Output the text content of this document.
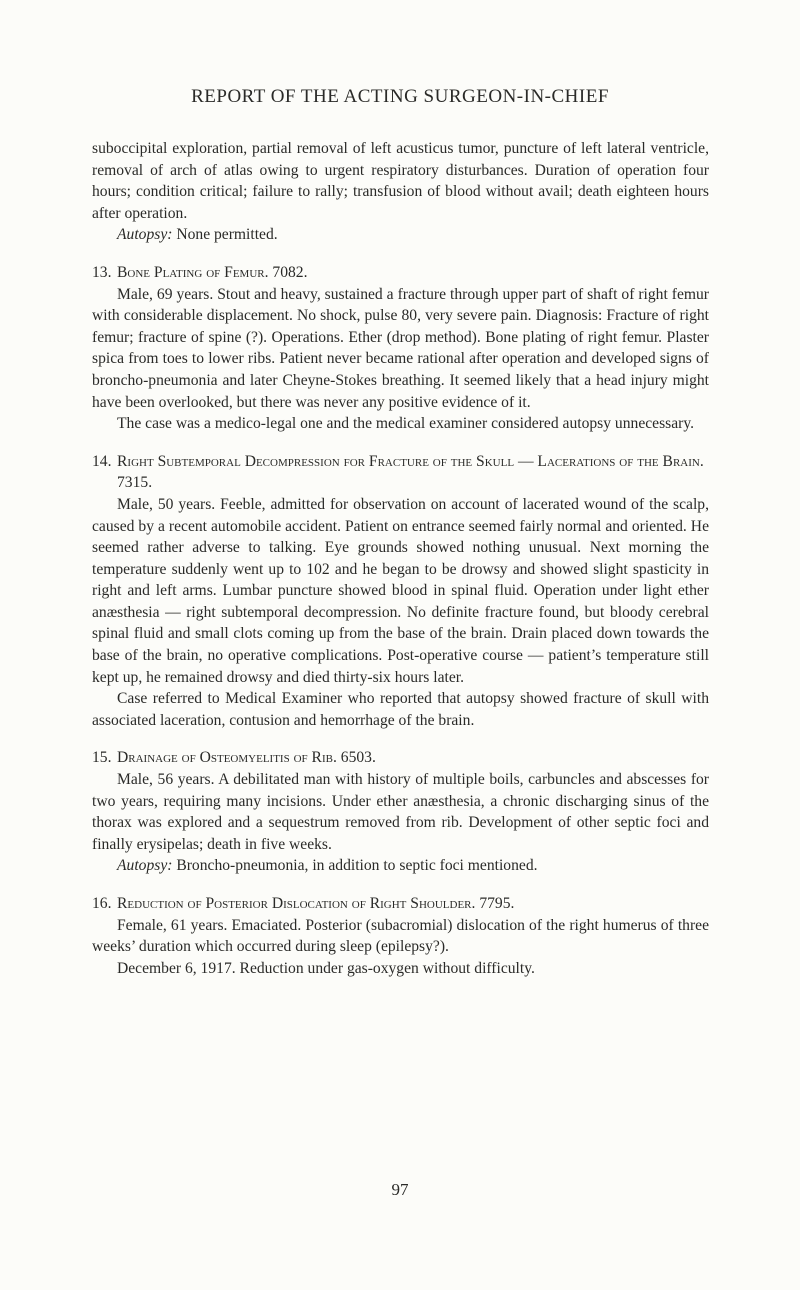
REPORT OF THE ACTING SURGEON-IN-CHIEF

suboccipital exploration, partial removal of left acusticus tumor, puncture of left lateral ventricle, removal of arch of atlas owing to urgent respiratory disturbances. Duration of operation four hours; condition critical; failure to rally; transfusion of blood without avail; death eighteen hours after operation.

Autopsy: None permitted.

13. Bone Plating of Femur. 7082.

Male, 69 years. Stout and heavy, sustained a fracture through upper part of shaft of right femur with considerable displacement. No shock, pulse 80, very severe pain. Diagnosis: Fracture of right femur; fracture of spine (?). Operations. Ether (drop method). Bone plating of right femur. Plaster spica from toes to lower ribs. Patient never became rational after operation and developed signs of broncho-pneumonia and later Cheyne-Stokes breathing. It seemed likely that a head injury might have been overlooked, but there was never any positive evidence of it.

The case was a medico-legal one and the medical examiner considered autopsy unnecessary.

14. Right Subtemporal Decompression for Fracture of the Skull — Lacerations of the Brain. 7315.

Male, 50 years. Feeble, admitted for observation on account of lacerated wound of the scalp, caused by a recent automobile accident. Patient on entrance seemed fairly normal and oriented. He seemed rather adverse to talking. Eye grounds showed nothing unusual. Next morning the temperature suddenly went up to 102 and he began to be drowsy and showed slight spasticity in right and left arms. Lumbar puncture showed blood in spinal fluid. Operation under light ether anæsthesia — right subtemporal decompression. No definite fracture found, but bloody cerebral spinal fluid and small clots coming up from the base of the brain. Drain placed down towards the base of the brain, no operative complications. Post-operative course — patient’s temperature still kept up, he remained drowsy and died thirty-six hours later.

Case referred to Medical Examiner who reported that autopsy showed fracture of skull with associated laceration, contusion and hemorrhage of the brain.

15. Drainage of Osteomyelitis of Rib. 6503.

Male, 56 years. A debilitated man with history of multiple boils, carbuncles and abscesses for two years, requiring many incisions. Under ether anæsthesia, a chronic discharging sinus of the thorax was explored and a sequestrum removed from rib. Development of other septic foci and finally erysipelas; death in five weeks.

Autopsy: Broncho-pneumonia, in addition to septic foci mentioned.

16. Reduction of Posterior Dislocation of Right Shoulder. 7795.

Female, 61 years. Emaciated. Posterior (subacromial) dislocation of the right humerus of three weeks’ duration which occurred during sleep (epilepsy?).

December 6, 1917. Reduction under gas-oxygen without difficulty.

97
